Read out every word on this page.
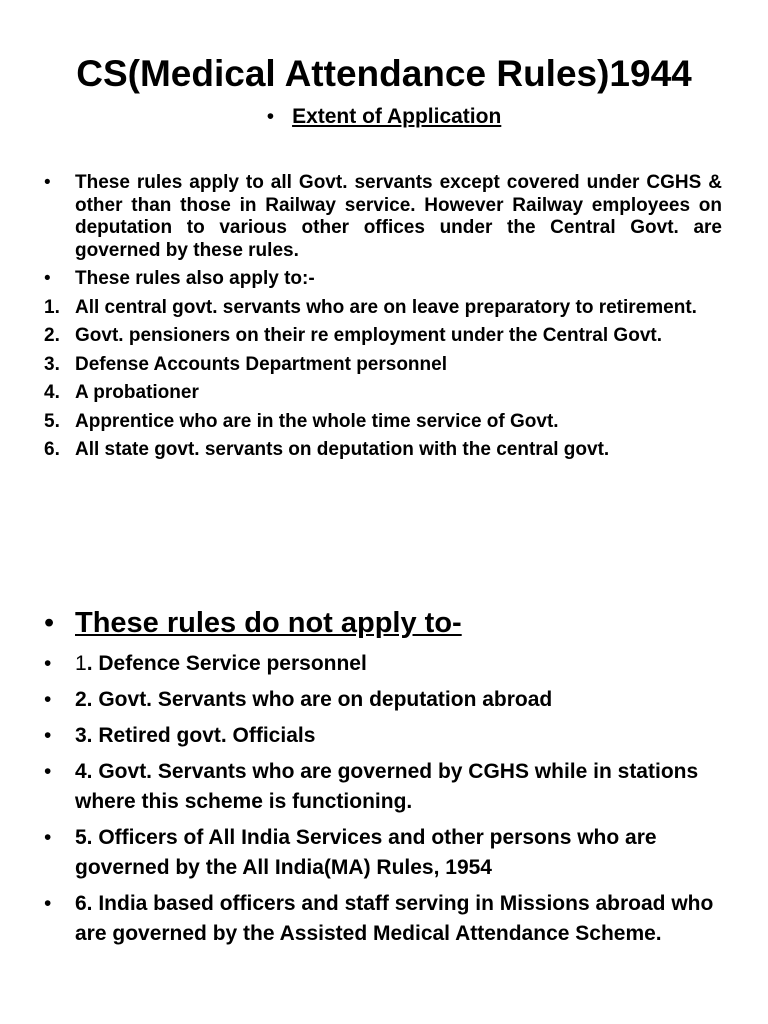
CS(Medical Attendance Rules)1944
• Extent of Application
• These rules apply to all Govt. servants except covered under CGHS & other than those in Railway service. However Railway employees on deputation to various other offices under the Central Govt. are governed by these rules.
• These rules also apply to:-
1. All central govt. servants who are on leave preparatory to retirement.
2. Govt. pensioners on their re employment under the Central Govt.
3. Defense Accounts Department personnel
4. A probationer
5. Apprentice who are in the whole time service of Govt.
6. All state govt. servants on deputation with the central govt.
• These rules do not apply to-
• 1. Defence Service personnel
• 2. Govt. Servants who are on deputation abroad
• 3. Retired govt. Officials
• 4. Govt. Servants who are governed by CGHS while in stations where this scheme is functioning.
• 5. Officers of All India Services and other persons who are governed by the All India(MA) Rules, 1954
• 6. India based officers and staff serving in Missions abroad who are governed by the Assisted Medical Attendance Scheme.
